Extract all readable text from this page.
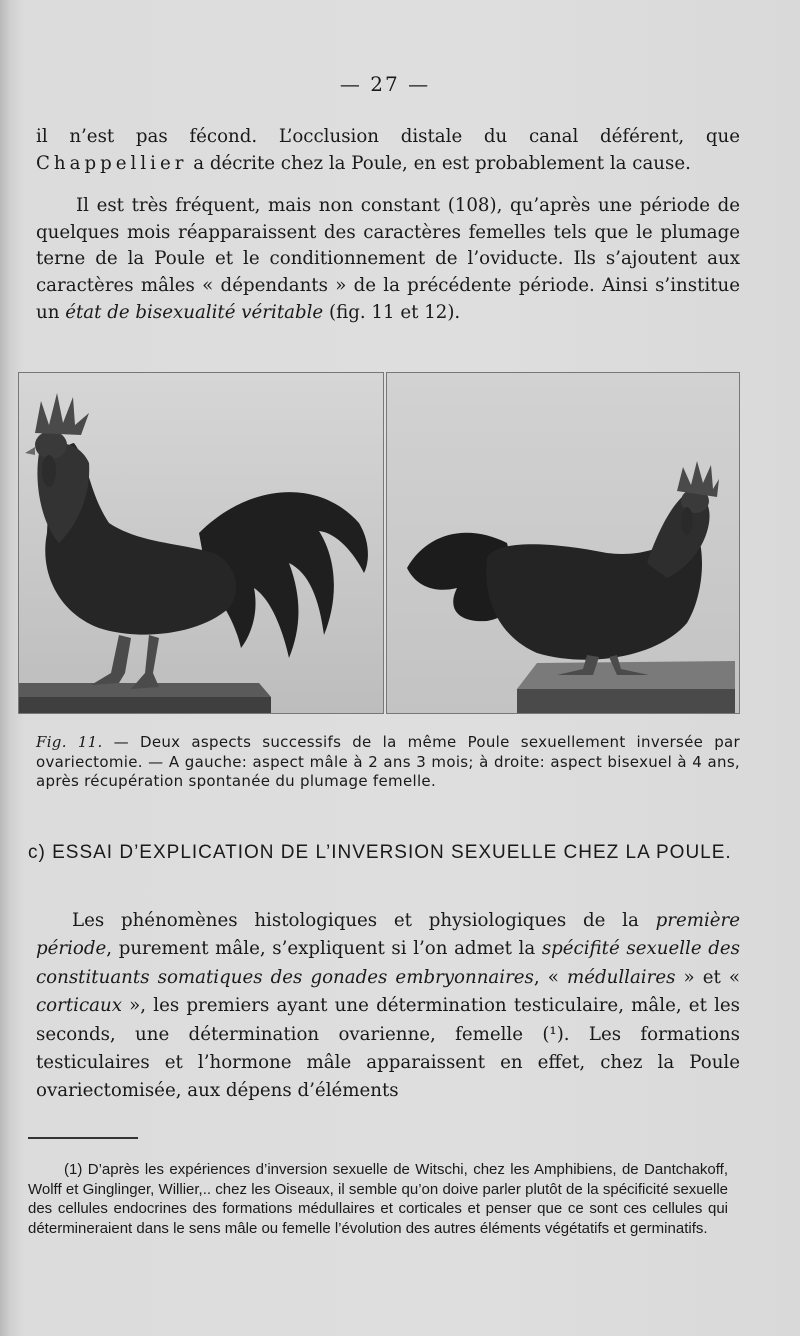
— 27 —

il n’est pas fécond. L’occlusion distale du canal déférent, que Chappellier a décrite chez la Poule, en est probablement la cause.

Il est très fréquent, mais non constant (108), qu’après une période de quelques mois réapparaissent des caractères femelles tels que le plumage terne de la Poule et le conditionnement de l’oviducte. Ils s’ajoutent aux caractères mâles « dépendants » de la précédente période. Ainsi s’institue un état de bisexualité véritable (fig. 11 et 12).

Fig. 11. — Deux aspects successifs de la même Poule sexuellement inversée par ovariectomie. — A gauche: aspect mâle à 2 ans 3 mois; à droite: aspect bisexuel à 4 ans, après récupération spontanée du plumage femelle.
c) ESSAI D’EXPLICATION DE L’INVERSION SEXUELLE CHEZ LA POULE.
Les phénomènes histologiques et physiologiques de la première période, purement mâle, s’expliquent si l’on admet la spécifité sexuelle des constituants somatiques des gonades embryonnaires, « médullaires » et « corticaux », les premiers ayant une détermination testiculaire, mâle, et les seconds, une détermination ovarienne, femelle (¹). Les formations testiculaires et l’hormone mâle apparaissent en effet, chez la Poule ovariectomisée, aux dépens d’éléments

(1) D’après les expériences d’inversion sexuelle de Witschi, chez les Amphibiens, de Dantchakoff, Wolff et Ginglinger, Willier,.. chez les Oiseaux, il semble qu’on doive parler plutôt de la spécificité sexuelle des cellules endocrines des formations médullaires et corticales et penser que ce sont ces cellules qui détermineraient dans le sens mâle ou femelle l’évolution des autres éléments végétatifs et germinatifs.
